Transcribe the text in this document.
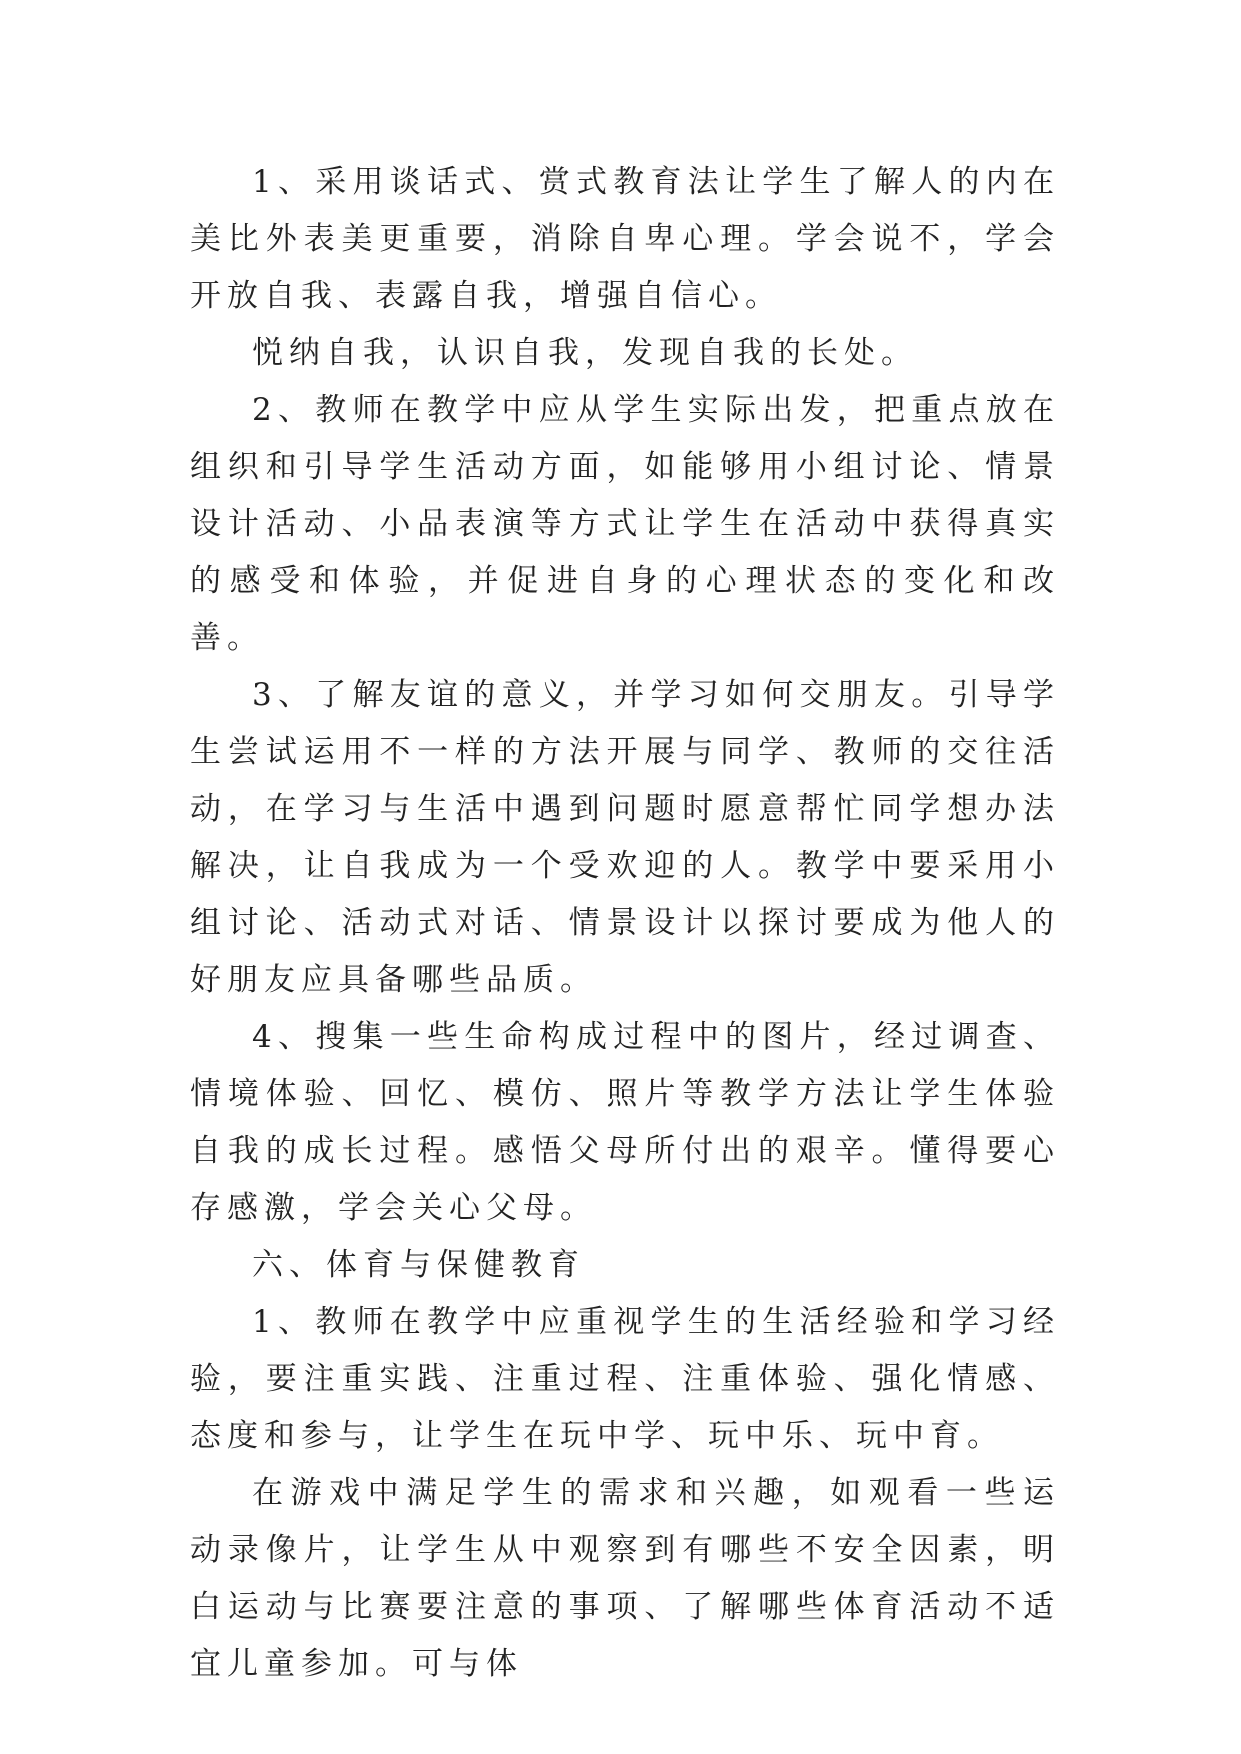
1、采用谈话式、赏式教育法让学生了解人的内在美比外表美更重要，消除自卑心理。学会说不，学会开放自我、表露自我，增强自信心。

悦纳自我，认识自我，发现自我的长处。

2、教师在教学中应从学生实际出发，把重点放在组织和引导学生活动方面，如能够用小组讨论、情景设计活动、小品表演等方式让学生在活动中获得真实的感受和体验，并促进自身的心理状态的变化和改善。

3、了解友谊的意义，并学习如何交朋友。引导学生尝试运用不一样的方法开展与同学、教师的交往活动，在学习与生活中遇到问题时愿意帮忙同学想办法解决，让自我成为一个受欢迎的人。教学中要采用小组讨论、活动式对话、情景设计以探讨要成为他人的好朋友应具备哪些品质。

4、搜集一些生命构成过程中的图片，经过调查、情境体验、回忆、模仿、照片等教学方法让学生体验自我的成长过程。感悟父母所付出的艰辛。懂得要心存感激，学会关心父母。

六、体育与保健教育

1、教师在教学中应重视学生的生活经验和学习经验，要注重实践、注重过程、注重体验、强化情感、态度和参与，让学生在玩中学、玩中乐、玩中育。

在游戏中满足学生的需求和兴趣，如观看一些运动录像片，让学生从中观察到有哪些不安全因素，明白运动与比赛要注意的事项、了解哪些体育活动不适宜儿童参加。可与体
